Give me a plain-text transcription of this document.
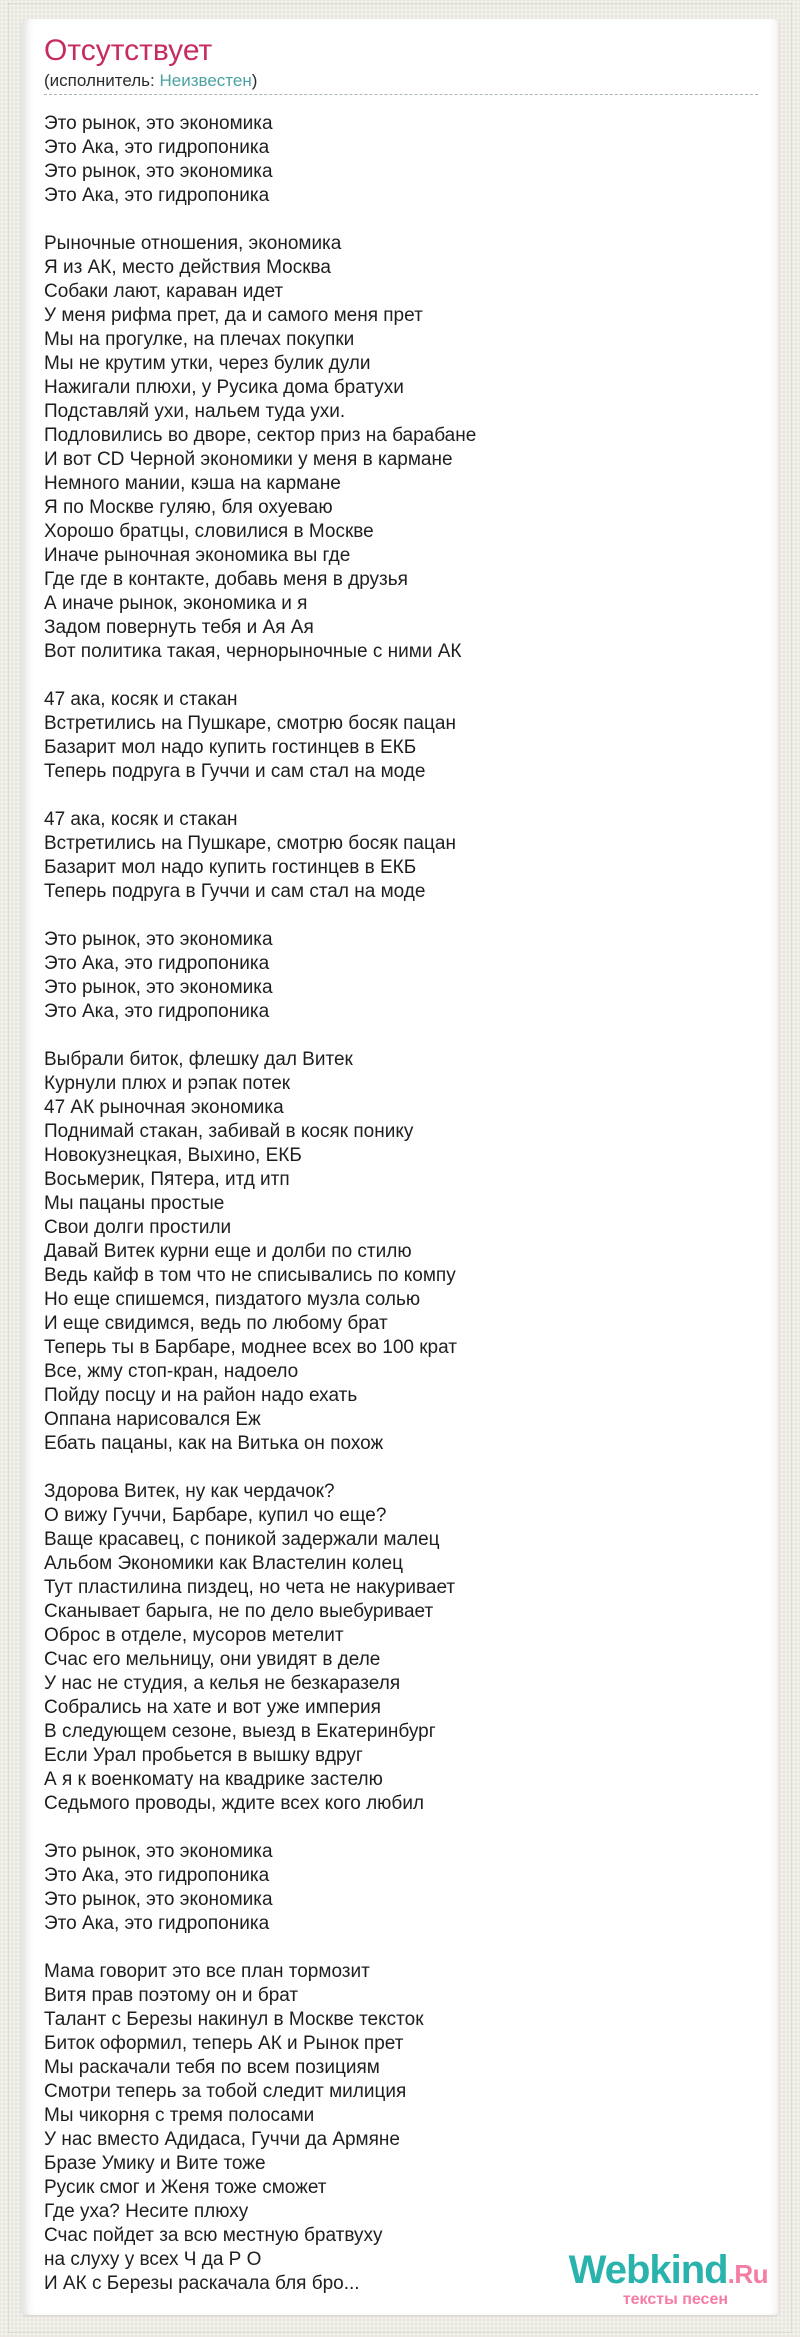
Отсутствует
(исполнитель: Неизвестен)

Это рынок, это экономика
Это Ака, это гидропоника
Это рынок, это экономика
Это Ака, это гидропоника

Рыночные отношения, экономика
Я из АК, место действия Москва
Собаки лают, караван идет
У меня рифма прет, да и самого меня прет
Мы на прогулке, на плечах покупки
Мы не крутим утки, через булик дули
Нажигали плюхи, у Русика дома братухи
Подставляй ухи, нальем туда ухи.
Подловились во дворе, сектор приз на барабане
И вот CD Черной экономики у меня в кармане
Немного мании, кэша на кармане
Я по Москве гуляю, бля охуеваю
Хорошо братцы, словилися в Москве
Иначе рыночная экономика вы где
Где где в контакте, добавь меня в друзья
А иначе рынок, экономика и я
Задом повернуть тебя и Ая Ая
Вот политика такая, чернорыночные с ними АК

47 ака, косяк и стакан
Встретились на Пушкаре, смотрю босяк пацан
Базарит мол надо купить гостинцев в ЕКБ
Теперь подруга в Гуччи и сам стал на моде

47 ака, косяк и стакан
Встретились на Пушкаре, смотрю босяк пацан
Базарит мол надо купить гостинцев в ЕКБ
Теперь подруга в Гуччи и сам стал на моде

Это рынок, это экономика
Это Ака, это гидропоника
Это рынок, это экономика
Это Ака, это гидропоника

Выбрали биток, флешку дал Витек
Курнули плюх и рэпак потек
47 АК рыночная экономика
Поднимай стакан, забивай в косяк понику
Новокузнецкая, Выхино, ЕКБ
Восьмерик, Пятера, итд итп
Мы пацаны простые
Свои долги простили
Давай Витек курни еще и долби по стилю
Ведь кайф в том что не списывались по компу
Но еще спишемся, пиздатого музла солью
И еще свидимся, ведь по любому брат
Теперь ты в Барбаре, моднее всех во 100 крат
Все, жму стоп-кран, надоело
Пойду посцу и на район надо ехать
Оппана нарисовался Еж
Ебать пацаны, как на Витька он похож

Здорова Витек, ну как чердачок?
О вижу Гуччи, Барбаре, купил чо еще?
Ваще красавец, с поникой задержали малец
Альбом Экономики как Властелин колец
Тут пластилина пиздец, но чета не накуривает
Сканывает барыга, не по дело выебуривает
Оброс в отделе, мусоров метелит
Счас его мельницу, они увидят в деле
У нас не студия, а келья не безкаразеля
Собрались на хате и вот уже империя
В следующем сезоне, выезд в Екатеринбург
Если Урал пробьется в вышку вдруг
А я к военкомату на квадрике застелю
Седьмого проводы, ждите всех кого любил

Это рынок, это экономика
Это Ака, это гидропоника
Это рынок, это экономика
Это Ака, это гидропоника

Мама говорит это все план тормозит
Витя прав поэтому он и брат
Талант с Березы накинул в Москве тексток
Биток оформил, теперь АК и Рынок прет
Мы раскачали тебя по всем позициям
Смотри теперь за тобой следит милиция
Мы чикорня с тремя полосами
У нас вместо Адидаса, Гуччи да Армяне
Бразе Умику и Вите тоже
Русик смог и Женя тоже сможет
Где уха? Несите плюху
Счас пойдет за всю местную братвуху
на слуху у всех Ч да Р О
И АК с Березы раскачала бля бро...	Webkind.Ru
тексты песен
